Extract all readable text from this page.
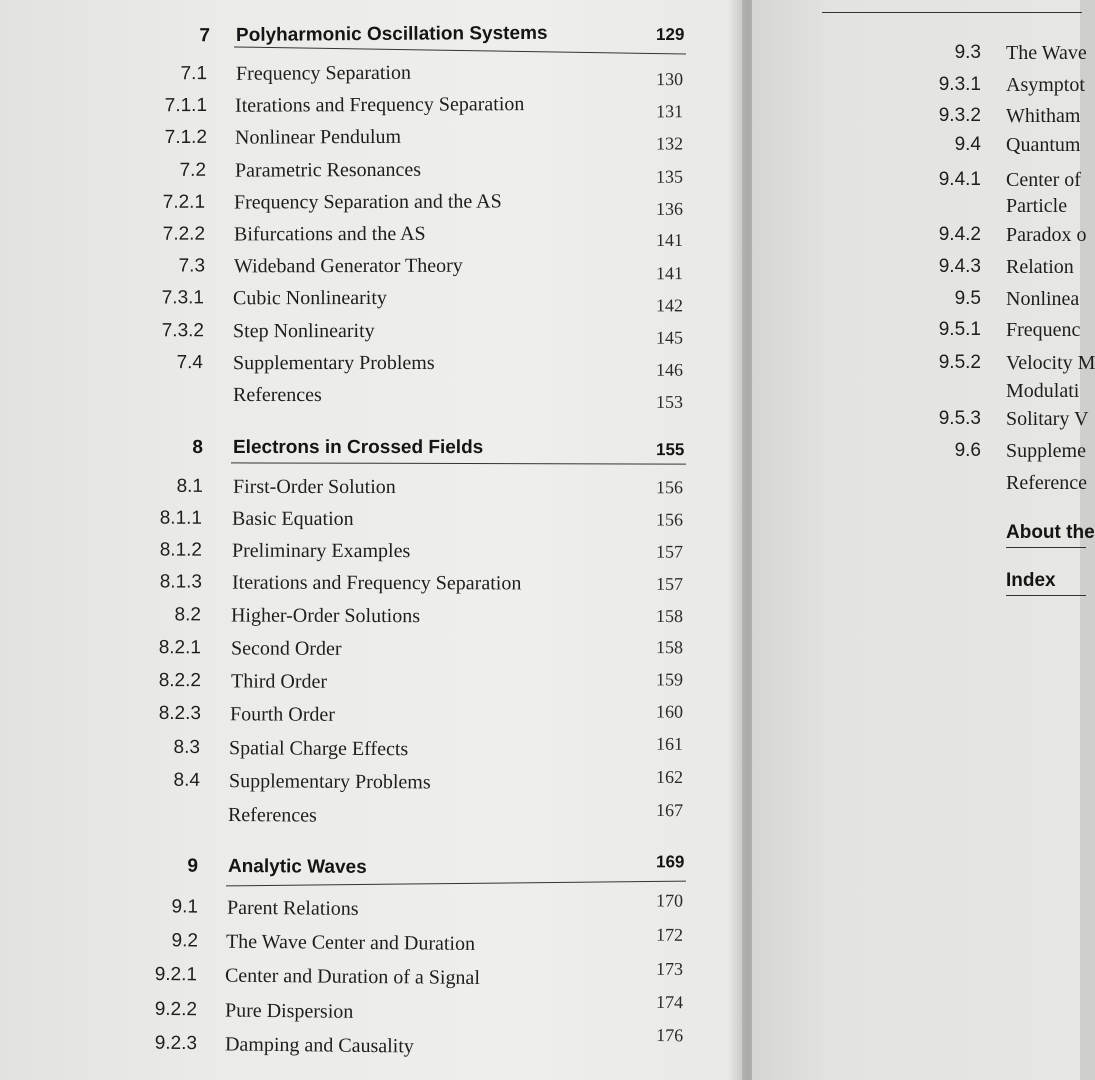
7 Polyharmonic Oscillation Systems	129
7.1 Frequency Separation	130
7.1.1 Iterations and Frequency Separation	131
7.1.2 Nonlinear Pendulum	132
7.2 Parametric Resonances	135
7.2.1 Frequency Separation and the AS	136
7.2.2 Bifurcations and the AS	141
7.3 Wideband Generator Theory	141
7.3.1 Cubic Nonlinearity	142
7.3.2 Step Nonlinearity	145
7.4 Supplementary Problems	146
References	153
8 Electrons in Crossed Fields	155
8.1 First-Order Solution	156
8.1.1 Basic Equation	156
8.1.2 Preliminary Examples	157
8.1.3 Iterations and Frequency Separation	157
8.2 Higher-Order Solutions	158
8.2.1 Second Order	158
8.2.2 Third Order	159
8.2.3 Fourth Order	160
8.3 Spatial Charge Effects	161
8.4 Supplementary Problems	162
References	167
9 Analytic Waves	169
9.1 Parent Relations	170
9.2 The Wave Center and Duration	172
9.2.1 Center and Duration of a Signal	173
9.2.2 Pure Dispersion	174
9.2.3 Damping and Causality	176
9.3 The Wave
9.3.1 Asymptot
9.3.2 Whitham
9.4 Quantum
9.4.1 Center of
Particle
9.4.2 Paradox o
9.4.3 Relation
9.5 Nonlinea
9.5.1 Frequenc
9.5.2 Velocity M
Modulati
9.5.3 Solitary V
9.6 Suppleme
Reference
About the
Index
